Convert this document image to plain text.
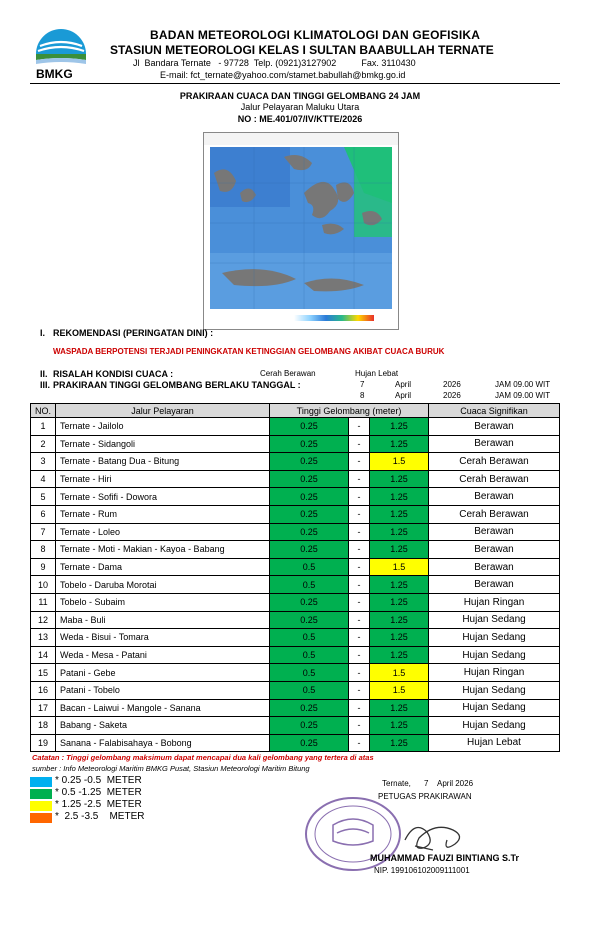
BMKG
BADAN METEOROLOGI KLIMATOLOGI DAN GEOFISIKA
STASIUN METEOROLOGI KELAS I SULTAN BAABULLAH TERNATE
Jl  Bandara Ternate   - 97728  Telp. (0921)3127902          Fax. 3110430
E-mail: fct_ternate@yahoo.com/stamet.babullah@bmkg.go.id
PRAKIRAAN CUACA DAN TINGGI GELOMBANG 24 JAM
Jalur Pelayaran Maluku Utara
NO : ME.401/07/IV/KTTE/2026
I. REKOMENDASI (PERINGATAN DINI) :
WASPADA BERPOTENSI TERJADI PENINGKATAN KETINGGIAN GELOMBANG AKIBAT CUACA BURUK
II. RISALAH KONDISI CUACA :	Cerah Berawan	Hujan Lebat
III. PRAKIRAAN TINGGI GELOMBANG BERLAKU TANGGAL :	7	April	2026	JAM 09.00 WIT
8	April	2026	JAM 09.00 WIT
NO.	Jalur Pelayaran	Tinggi Gelombang (meter)			Cuaca Signifikan
1	Ternate - Jailolo	0.25	-	1.25	Berawan
2	Ternate - Sidangoli	0.25	-	1.25	Berawan
3	Ternate - Batang Dua - Bitung	0.25	-	1.5	Cerah Berawan
4	Ternate - Hiri	0.25	-	1.25	Cerah Berawan
5	Ternate - Sofifi - Dowora	0.25	-	1.25	Berawan
6	Ternate - Rum	0.25	-	1.25	Cerah Berawan
7	Ternate - Loleo	0.25	-	1.25	Berawan
8	Ternate - Moti - Makian - Kayoa - Babang	0.25	-	1.25	Berawan
9	Ternate - Dama	0.5	-	1.5	Berawan
10	Tobelo - Daruba Morotai	0.5	-	1.25	Berawan
11	Tobelo - Subaim	0.25	-	1.25	Hujan Ringan
12	Maba - Buli	0.25	-	1.25	Hujan Sedang
13	Weda - Bisui - Tomara	0.5	-	1.25	Hujan Sedang
14	Weda - Mesa - Patani	0.5	-	1.25	Hujan Sedang
15	Patani - Gebe	0.5	-	1.5	Hujan Ringan
16	Patani - Tobelo	0.5	-	1.5	Hujan Sedang
17	Bacan - Laiwui - Mangole - Sanana	0.25	-	1.25	Hujan Sedang
18	Babang - Saketa	0.25	-	1.25	Hujan Sedang
19	Sanana - Falabisahaya - Bobong	0.25	-	1.25	Hujan Lebat
Catatan : Tinggi gelombang maksimum dapat mencapai dua kali gelombang yang tertera di atas
sumber : Info Meteorologi Maritim BMKG Pusat, Stasiun Meteorologi Maritim Bitung
* 0.25 -0.5  METER
* 0.5 -1.25  METER
* 1.25 -2.5  METER
*  2.5 -3.5    METER
Ternate, 7 April 2026
PETUGAS PRAKIRAWAN
MUHAMMAD FAUZI BINTIANG S.Tr
NIP. 199106102009111001
